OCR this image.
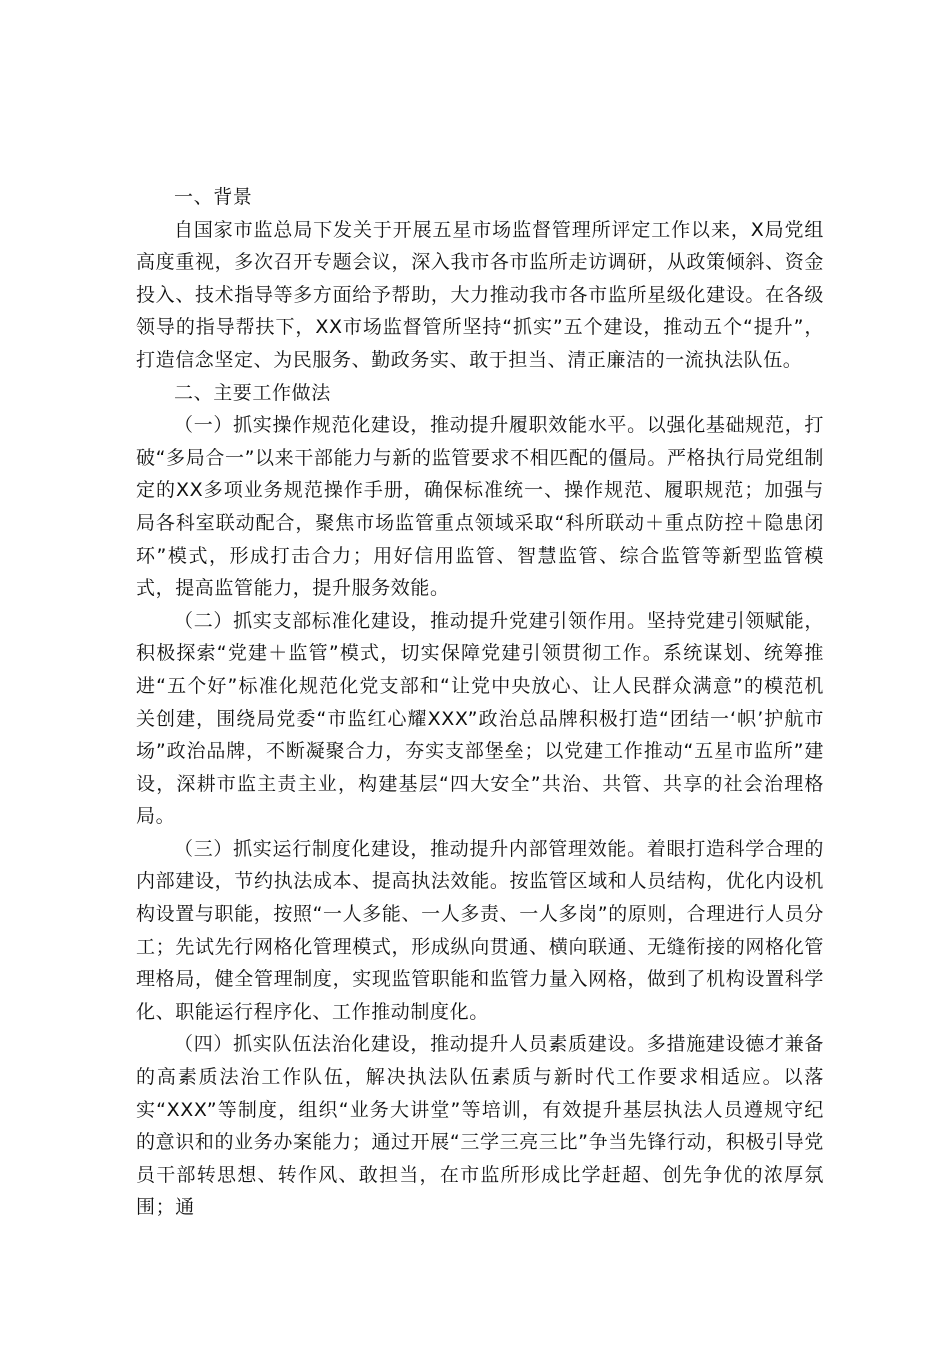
一、背景

自国家市监总局下发关于开展五星市场监督管理所评定工作以来，X局党组高度重视，多次召开专题会议，深入我市各市监所走访调研，从政策倾斜、资金投入、技术指导等多方面给予帮助，大力推动我市各市监所星级化建设。在各级领导的指导帮扶下，XX市场监督管所坚持“抓实”五个建设，推动五个“提升”，打造信念坚定、为民服务、勤政务实、敢于担当、清正廉洁的一流执法队伍。

二、主要工作做法

（一）抓实操作规范化建设，推动提升履职效能水平。以强化基础规范，打破“多局合一”以来干部能力与新的监管要求不相匹配的僵局。严格执行局党组制定的XX多项业务规范操作手册，确保标准统一、操作规范、履职规范；加强与局各科室联动配合，聚焦市场监管重点领域采取“科所联动＋重点防控＋隐患闭环”模式，形成打击合力；用好信用监管、智慧监管、综合监管等新型监管模式，提高监管能力，提升服务效能。

（二）抓实支部标准化建设，推动提升党建引领作用。坚持党建引领赋能，积极探索“党建＋监管”模式，切实保障党建引领贯彻工作。系统谋划、统筹推进“五个好”标准化规范化党支部和“让党中央放心、让人民群众满意”的模范机关创建，围绕局党委“市监红心耀XXX”政治总品牌积极打造“团结一‘帜’护航市场”政治品牌，不断凝聚合力，夯实支部堡垒；以党建工作推动“五星市监所”建设，深耕市监主责主业，构建基层“四大安全”共治、共管、共享的社会治理格局。

（三）抓实运行制度化建设，推动提升内部管理效能。着眼打造科学合理的内部建设，节约执法成本、提高执法效能。按监管区域和人员结构，优化内设机构设置与职能，按照“一人多能、一人多责、一人多岗”的原则，合理进行人员分工；先试先行网格化管理模式，形成纵向贯通、横向联通、无缝衔接的网格化管理格局，健全管理制度，实现监管职能和监管力量入网格，做到了机构设置科学化、职能运行程序化、工作推动制度化。

（四）抓实队伍法治化建设，推动提升人员素质建设。多措施建设德才兼备的高素质法治工作队伍，解决执法队伍素质与新时代工作要求相适应。以落实“XXX”等制度，组织“业务大讲堂”等培训，有效提升基层执法人员遵规守纪的意识和的业务办案能力；通过开展“三学三亮三比”争当先锋行动，积极引导党员干部转思想、转作风、敢担当，在市监所形成比学赶超、创先争优的浓厚氛围；通
